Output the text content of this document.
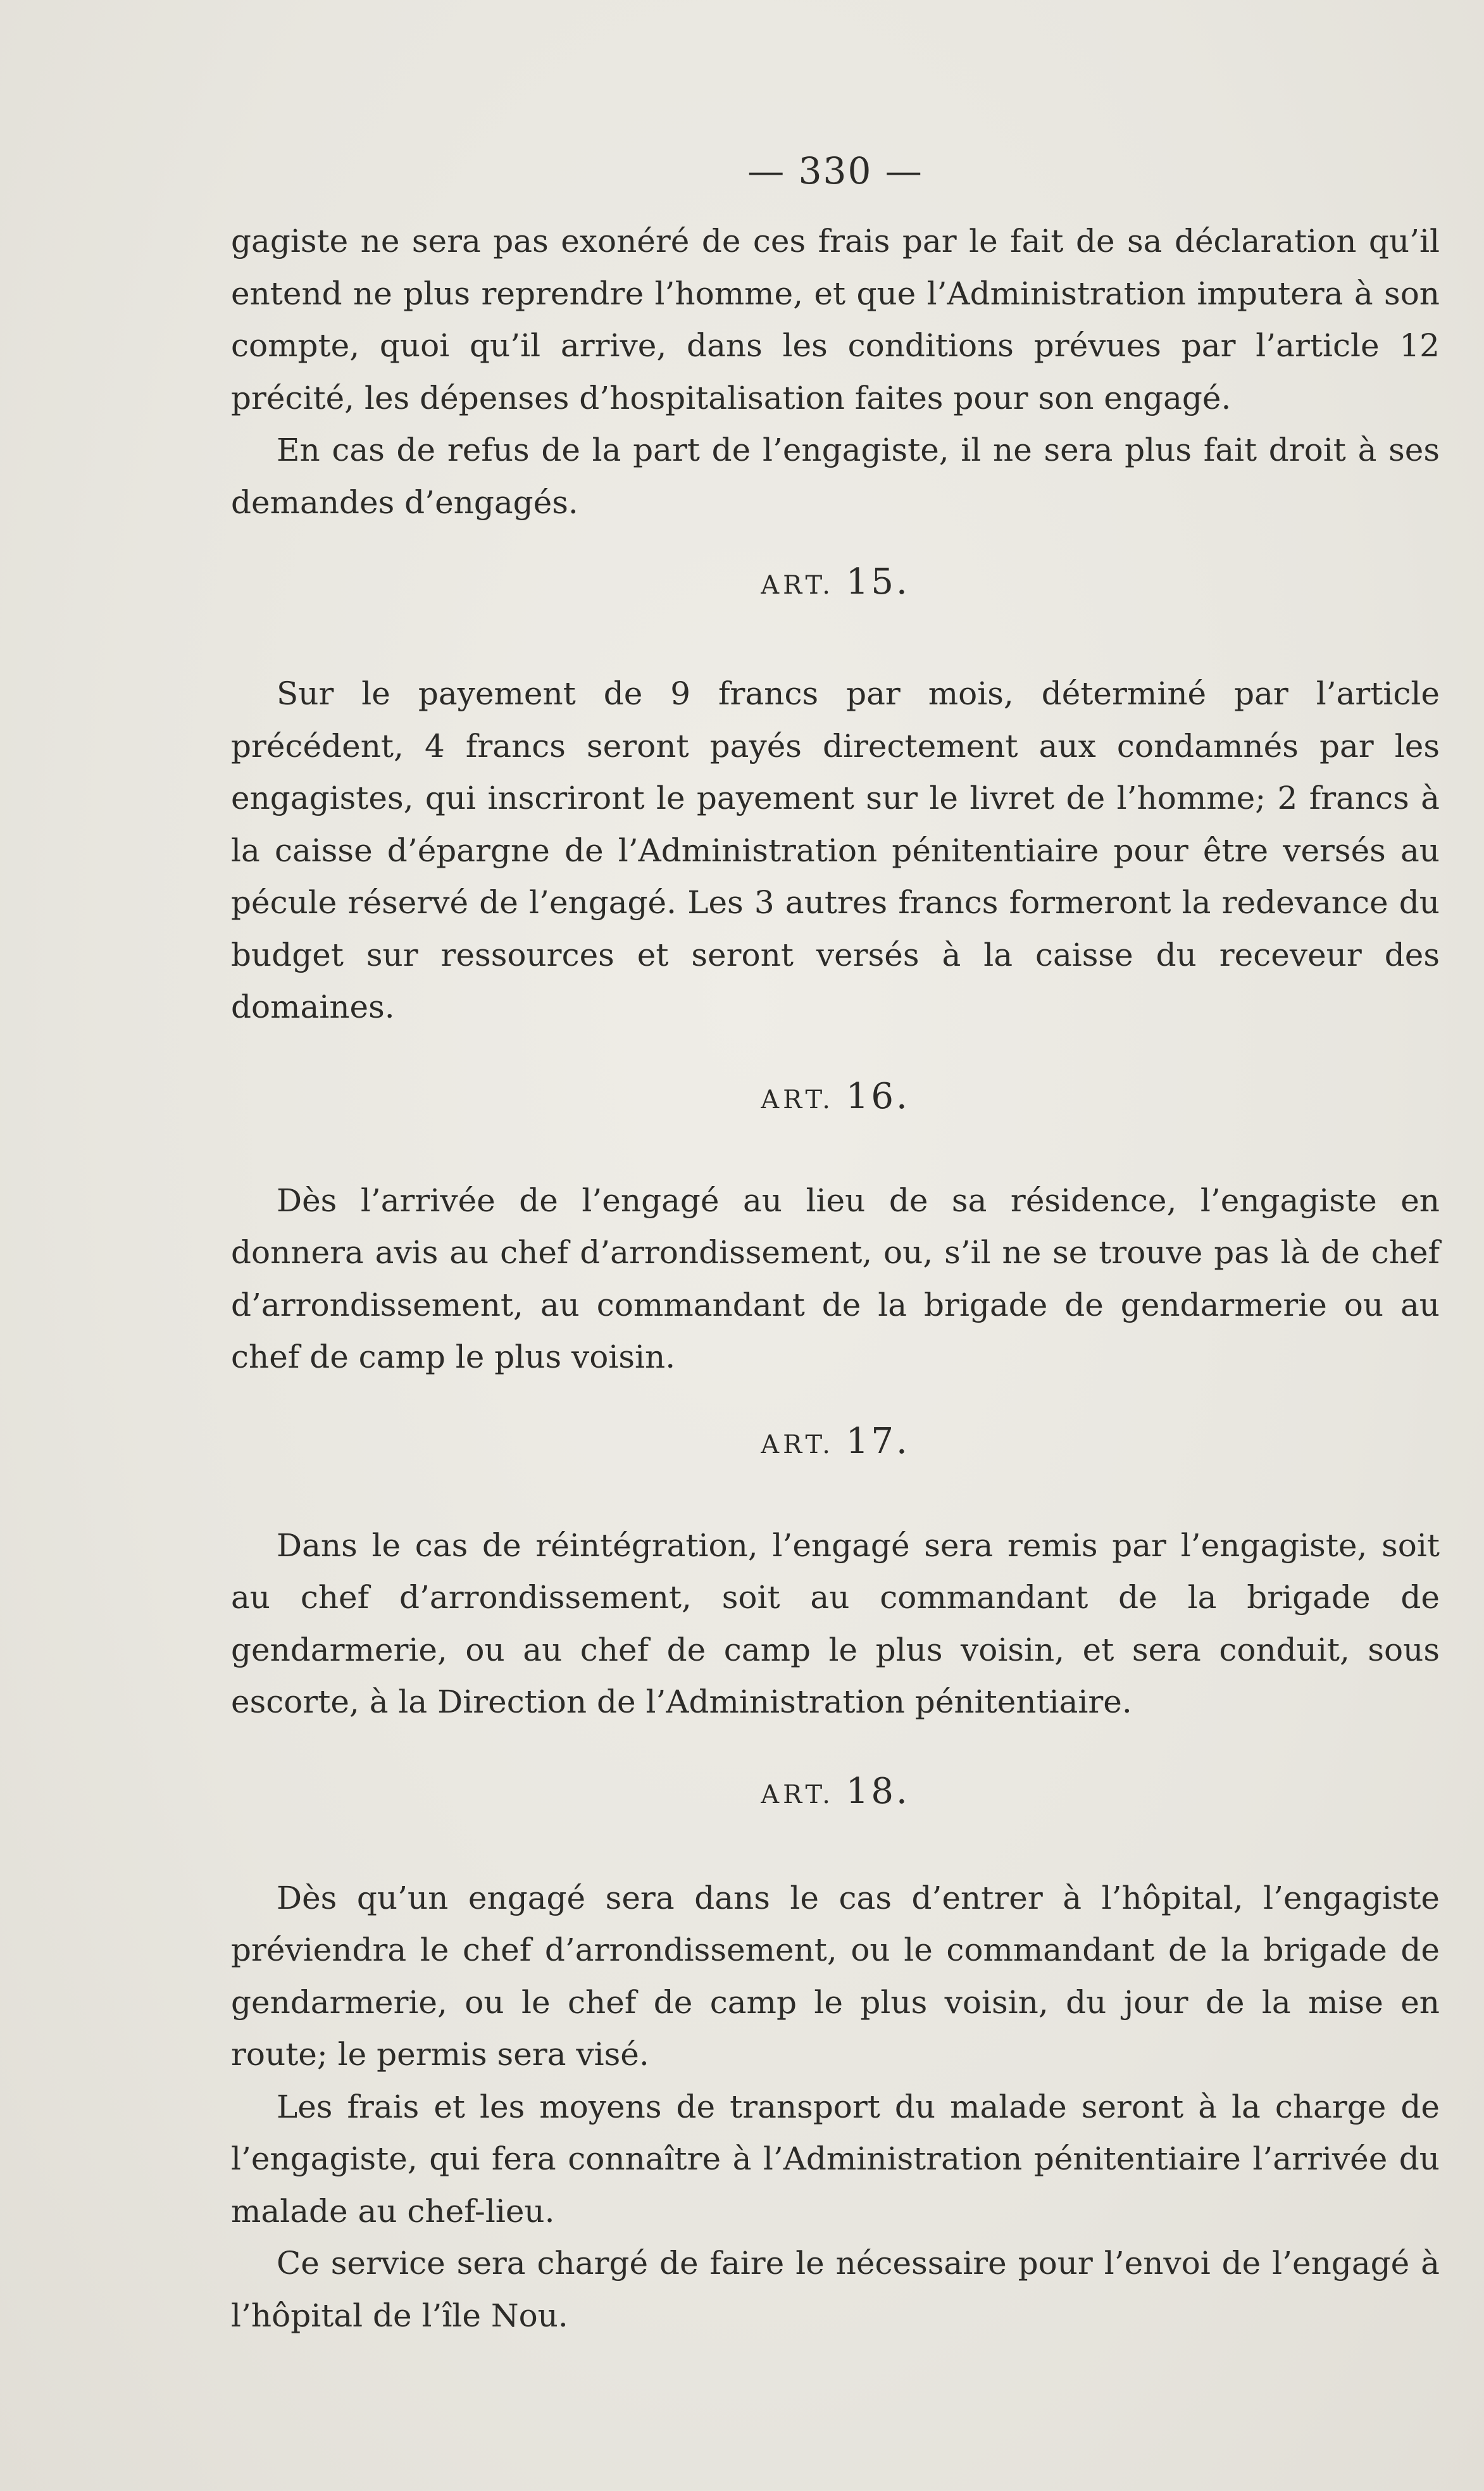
— 330 —

gagiste ne sera pas exonéré de ces frais par le fait de sa déclaration qu’il entend ne plus reprendre l’homme, et que l’Administration imputera à son compte, quoi qu’il arrive, dans les conditions prévues par l’article 12 précité, les dépenses d’hospitalisation faites pour son engagé.

En cas de refus de la part de l’engagiste, il ne sera plus fait droit à ses demandes d’engagés.

ART. 15.

Sur le payement de 9 francs par mois, déterminé par l’article précédent, 4 francs seront payés directement aux condamnés par les engagistes, qui inscriront le payement sur le livret de l’homme; 2 francs à la caisse d’épargne de l’Administration pénitentiaire pour être versés au pécule réservé de l’engagé. Les 3 autres francs formeront la redevance du budget sur ressources et seront versés à la caisse du receveur des domaines.

ART. 16.

Dès l’arrivée de l’engagé au lieu de sa résidence, l’engagiste en donnera avis au chef d’arrondissement, ou, s’il ne se trouve pas là de chef d’arrondissement, au commandant de la brigade de gendarmerie ou au chef de camp le plus voisin.

ART. 17.

Dans le cas de réintégration, l’engagé sera remis par l’engagiste, soit au chef d’arrondissement, soit au commandant de la brigade de gendarmerie, ou au chef de camp le plus voisin, et sera conduit, sous escorte, à la Direction de l’Administration pénitentiaire.

ART. 18.

Dès qu’un engagé sera dans le cas d’entrer à l’hôpital, l’engagiste préviendra le chef d’arrondissement, ou le commandant de la brigade de gendarmerie, ou le chef de camp le plus voisin, du jour de la mise en route; le permis sera visé.

Les frais et les moyens de transport du malade seront à la charge de l’engagiste, qui fera connaître à l’Administration pénitentiaire l’arrivée du malade au chef-lieu.

Ce service sera chargé de faire le nécessaire pour l’envoi de l’engagé à l’hôpital de l’île Nou.
